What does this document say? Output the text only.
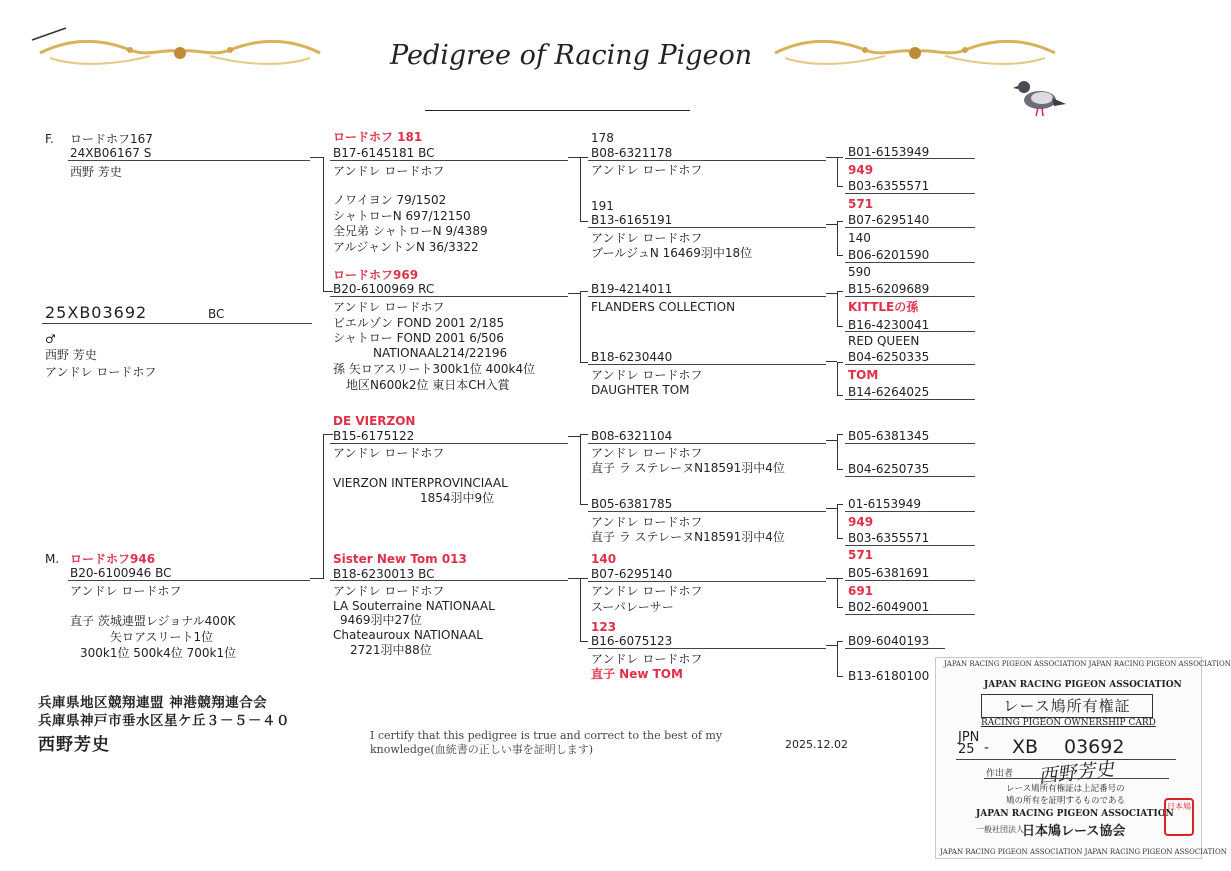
Pedigree of Racing Pigeon
F. ロードホフ167
24XB06167 S
西野 芳史
25XB03692	BC
♂
西野 芳史
アンドレ ロート゚ホフ
M. ロードホフ946
B20-6100946 BC
アンドレ ロードホフ
直子 茨城連盟レジョナル400K
矢ロアスリート1位
300k1位 500k4位 700k1位
ロードホフ 181
B17-6145181 BC
アンドレ ロードホフ
ノワイヨン 79/1502
シャトローN 697/12150
全兄弟 シャトローN 9/4389
アルジャントンN 36/3322
ロードホフ969
B20-6100969 RC
アンドレ ロードホフ
ビエルゾン FOND 2001 2/185
シャトロー FOND 2001 6/506
NATIONAAL214/22196
孫 矢ロアスリート300k1位 400k4位
地区N600k2位 東日本CH入賞
DE VIERZON
B15-6175122
アンドレ ロードホフ
VIERZON INTERPROVINCIAAL
1854羽中9位
Sister New Tom 013
B18-6230013 BC
アンドレ ロードホフ
LA Souterraine NATIONAAL
9469羽中27位
Chateauroux NATIONAAL
2721羽中88位
178
B08-6321178
アンドレ ロードホフ
191
B13-6165191
アンドレ ロードホフ
ブールジュN 16469羽中18位
B19-4214011
FLANDERS COLLECTION
B18-6230440
アンドレ ロードホフ
DAUGHTER TOM
B08-6321104
アンドレ ロードホフ
直子 ラ ステレーヌN18591羽中4位
B05-6381785
アンドレ ロードホフ
直子 ラ ステレーヌN18591羽中4位
140
B07-6295140
アンドレ ロードホフ
スーパレーサー
123
B16-6075123
アンドレ ロードホフ
直子 New TOM
B01-6153949
949
B03-6355571
571
B07-6295140
140
B06-6201590
590
B15-6209689
KITTLEの孫
B16-4230041
RED QUEEN
B04-6250335
TOM
B14-6264025
B05-6381345
B04-6250735
01-6153949
949
B03-6355571
571
B05-6381691
691
B02-6049001
B09-6040193
B13-6180100
兵庫県地区競翔連盟 神港競翔連合会
兵庫県神戸市垂水区星ケ丘３－５－４０
西野芳史	I certify that this pedigree is true and correct to the best of my knowledge(血統書の正しい事を証明します)	2025.12.02
JAPAN RACING PIGEON ASSOCIATION JAPAN RACING PIGEON ASSOCIATION
JAPAN RACING PIGEON ASSOCIATION JAPAN RACING PIGEON ASSOCIATION
JAPAN RACING PIGEON ASSOCIATION
レース鳩所有権証
RACING PIGEON OWNERSHIP CARD
JPN
25 - XB 03692
作出者 西野芳史
レース鳩所有権証は上記番号の
鳩の所有を証明するものである
JAPAN RACING PIGEON ASSOCIATION
一般社団法人
日本鳩レース協会
日本鳩
